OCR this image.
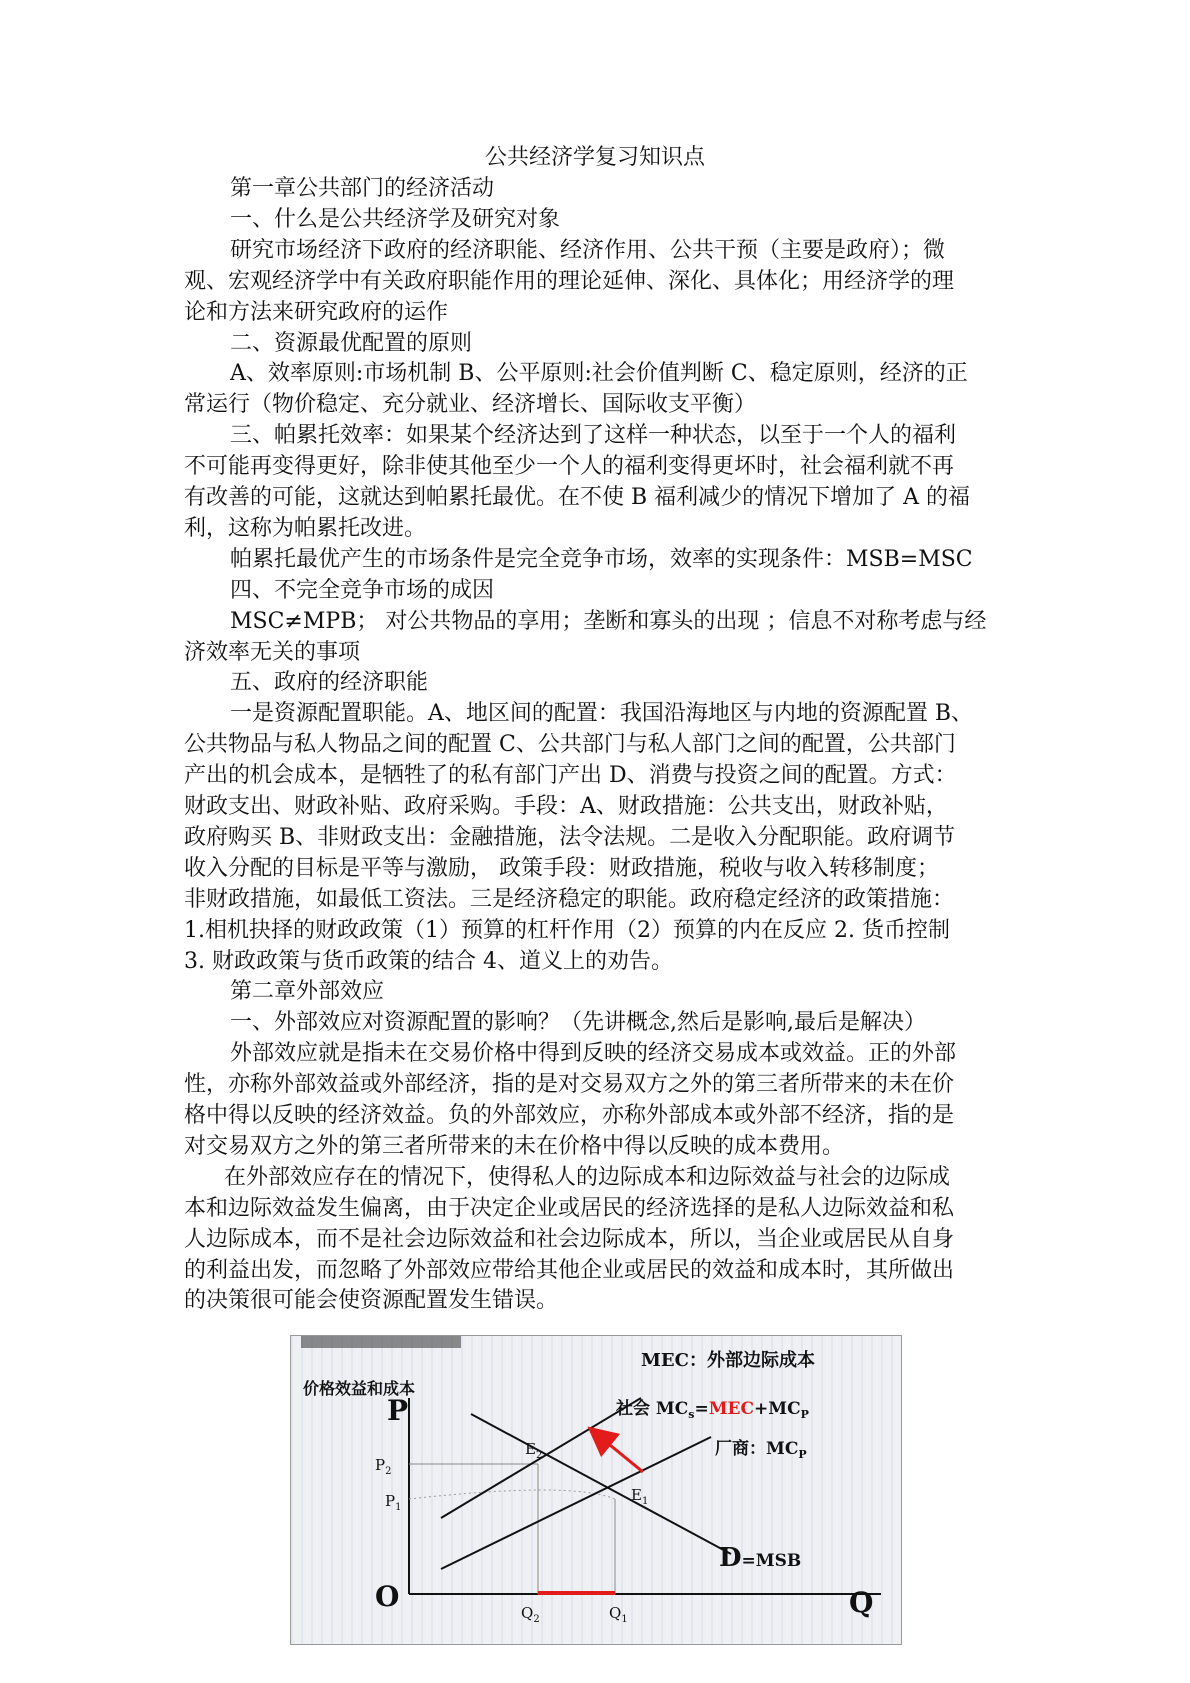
公共经济学复习知识点
第一章公共部门的经济活动
一、什么是公共经济学及研究对象
研究市场经济下政府的经济职能、经济作用、公共干预（主要是政府）；微
观、宏观经济学中有关政府职能作用的理论延伸、深化、具体化；用经济学的理
论和方法来研究政府的运作
二、资源最优配置的原则
A、效率原则:市场机制 B、公平原则:社会价值判断 C、稳定原则，经济的正
常运行（物价稳定、充分就业、经济增长、国际收支平衡）
三、帕累托效率：如果某个经济达到了这样一种状态，以至于一个人的福利
不可能再变得更好，除非使其他至少一个人的福利变得更坏时，社会福利就不再
有改善的可能，这就达到帕累托最优。在不使 B 福利减少的情况下增加了 A 的福
利，这称为帕累托改进。
帕累托最优产生的市场条件是完全竞争市场，效率的实现条件：MSB=MSC
四、不完全竞争市场的成因
MSC≠MPB； 对公共物品的享用；垄断和寡头的出现 ；信息不对称考虑与经
济效率无关的事项
五、政府的经济职能
一是资源配置职能。A、地区间的配置：我国沿海地区与内地的资源配置 B、
公共物品与私人物品之间的配置 C、公共部门与私人部门之间的配置，公共部门
产出的机会成本，是牺牲了的私有部门产出 D、消费与投资之间的配置。方式：
财政支出、财政补贴、政府采购。手段：A、财政措施：公共支出，财政补贴，
政府购买 B、非财政支出：金融措施，法令法规。二是收入分配职能。政府调节
收入分配的目标是平等与激励， 政策手段：财政措施，税收与收入转移制度；
非财政措施，如最低工资法。三是经济稳定的职能。政府稳定经济的政策措施：
1.相机抉择的财政政策（1）预算的杠杆作用（2）预算的内在反应 2. 货币控制
3. 财政政策与货币政策的结合 4、道义上的劝告。
第二章外部效应
一、外部效应对资源配置的影响？（先讲概念,然后是影响,最后是解决）
外部效应就是指未在交易价格中得到反映的经济交易成本或效益。正的外部
性，亦称外部效益或外部经济，指的是对交易双方之外的第三者所带来的未在价
格中得以反映的经济效益。负的外部效应，亦称外部成本或外部不经济，指的是
对交易双方之外的第三者所带来的未在价格中得以反映的成本费用。
在外部效应存在的情况下，使得私人的边际成本和边际效益与社会的边际成
本和边际效益发生偏离，由于决定企业或居民的经济选择的是私人边际效益和私
人边际成本，而不是社会边际效益和社会边际成本，所以，当企业或居民从自身
的利益出发，而忽略了外部效应带给其他企业或居民的效益和成本时，其所做出
的决策很可能会使资源配置发生错误。
MEC：外部边际成本
价格效益和成本
P
O	Q
$P_2$
$P_1$
$Q_2$	$Q_1$
$E_2$
$E_1$
社会 $MC_s=MEC+MC_P$
厂商：$MC_P$
D=MSB
